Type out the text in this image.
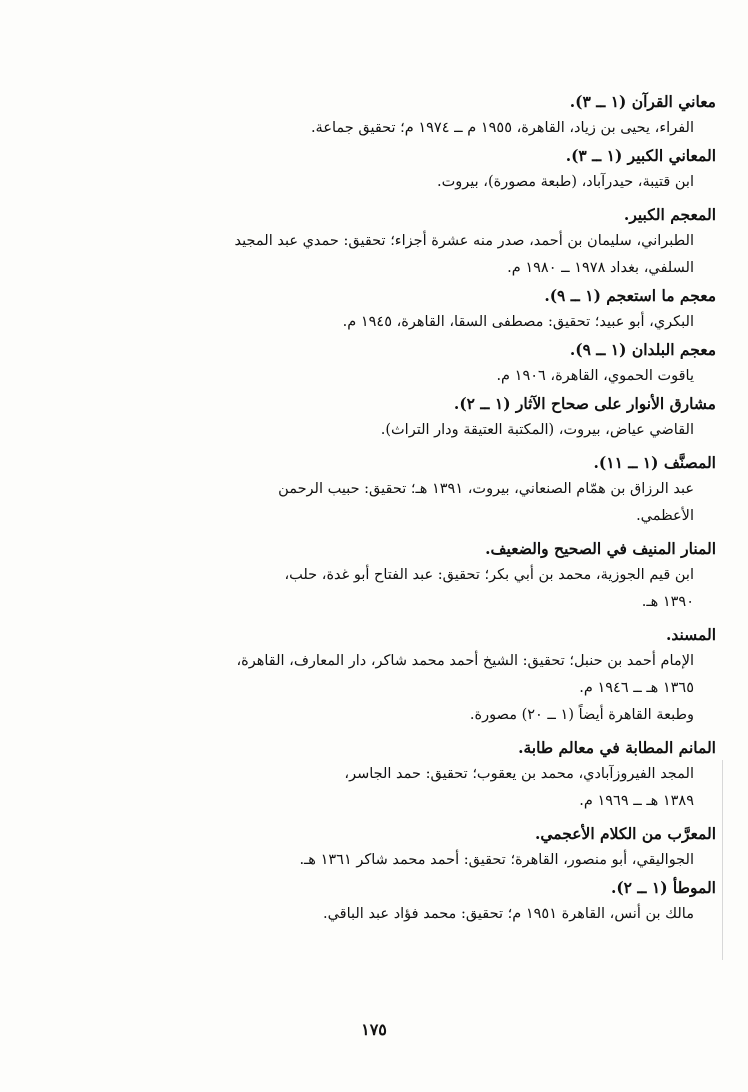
معاني القرآن (١ ــ ٣).

الفراء، يحيى بن زياد، القاهرة، ١٩٥٥ م ــ ١٩٧٤ م؛ تحقيق جماعة.

المعاني الكبير (١ ــ ٣).

ابن قتيبة، حيدرآباد، (طبعة مصورة)، بيروت.

المعجم الكبير.

الطبراني، سليمان بن أحمد، صدر منه عشرة أجزاء؛ تحقيق: حمدي عبد المجيد

السلفي، بغداد ١٩٧٨ ــ ١٩٨٠ م.

معجم ما استعجم (١ ــ ٩).

البكري، أبو عبيد؛ تحقيق: مصطفى السقا، القاهرة، ١٩٤٥ م.

معجم البلدان (١ ــ ٩).

ياقوت الحموي، القاهرة، ١٩٠٦ م.

مشارق الأنوار على صحاح الآثار (١ ــ ٢).

القاضي عياض، بيروت، (المكتبة العتيقة ودار التراث).

المصنَّف (١ ــ ١١).

عبد الرزاق بن همّام الصنعاني، بيروت، ١٣٩١ هـ؛ تحقيق: حبيب الرحمن

الأعظمي.

المنار المنيف في الصحيح والضعيف.

ابن قيم الجوزية، محمد بن أبي بكر؛ تحقيق: عبد الفتاح أبو غدة، حلب،

١٣٩٠ هـ.

المسند.

الإمام أحمد بن حنبل؛ تحقيق: الشيخ أحمد محمد شاكر، دار المعارف، القاهرة،

١٣٦٥ هـ ــ ١٩٤٦ م.

وطبعة القاهرة أيضاً (١ ــ ٢٠) مصورة.

المانم المطابة في معالم طابة.

المجد الفيروزآبادي، محمد بن يعقوب؛ تحقيق: حمد الجاسر،

١٣٨٩ هـ ــ ١٩٦٩ م.

المعرَّب من الكلام الأعجمي.

الجواليقي، أبو منصور، القاهرة؛ تحقيق: أحمد محمد شاكر ١٣٦١ هـ.

الموطأ (١ ــ ٢).

مالك بن أنس، القاهرة ١٩٥١ م؛ تحقيق: محمد فؤاد عبد الباقي.

١٧٥
